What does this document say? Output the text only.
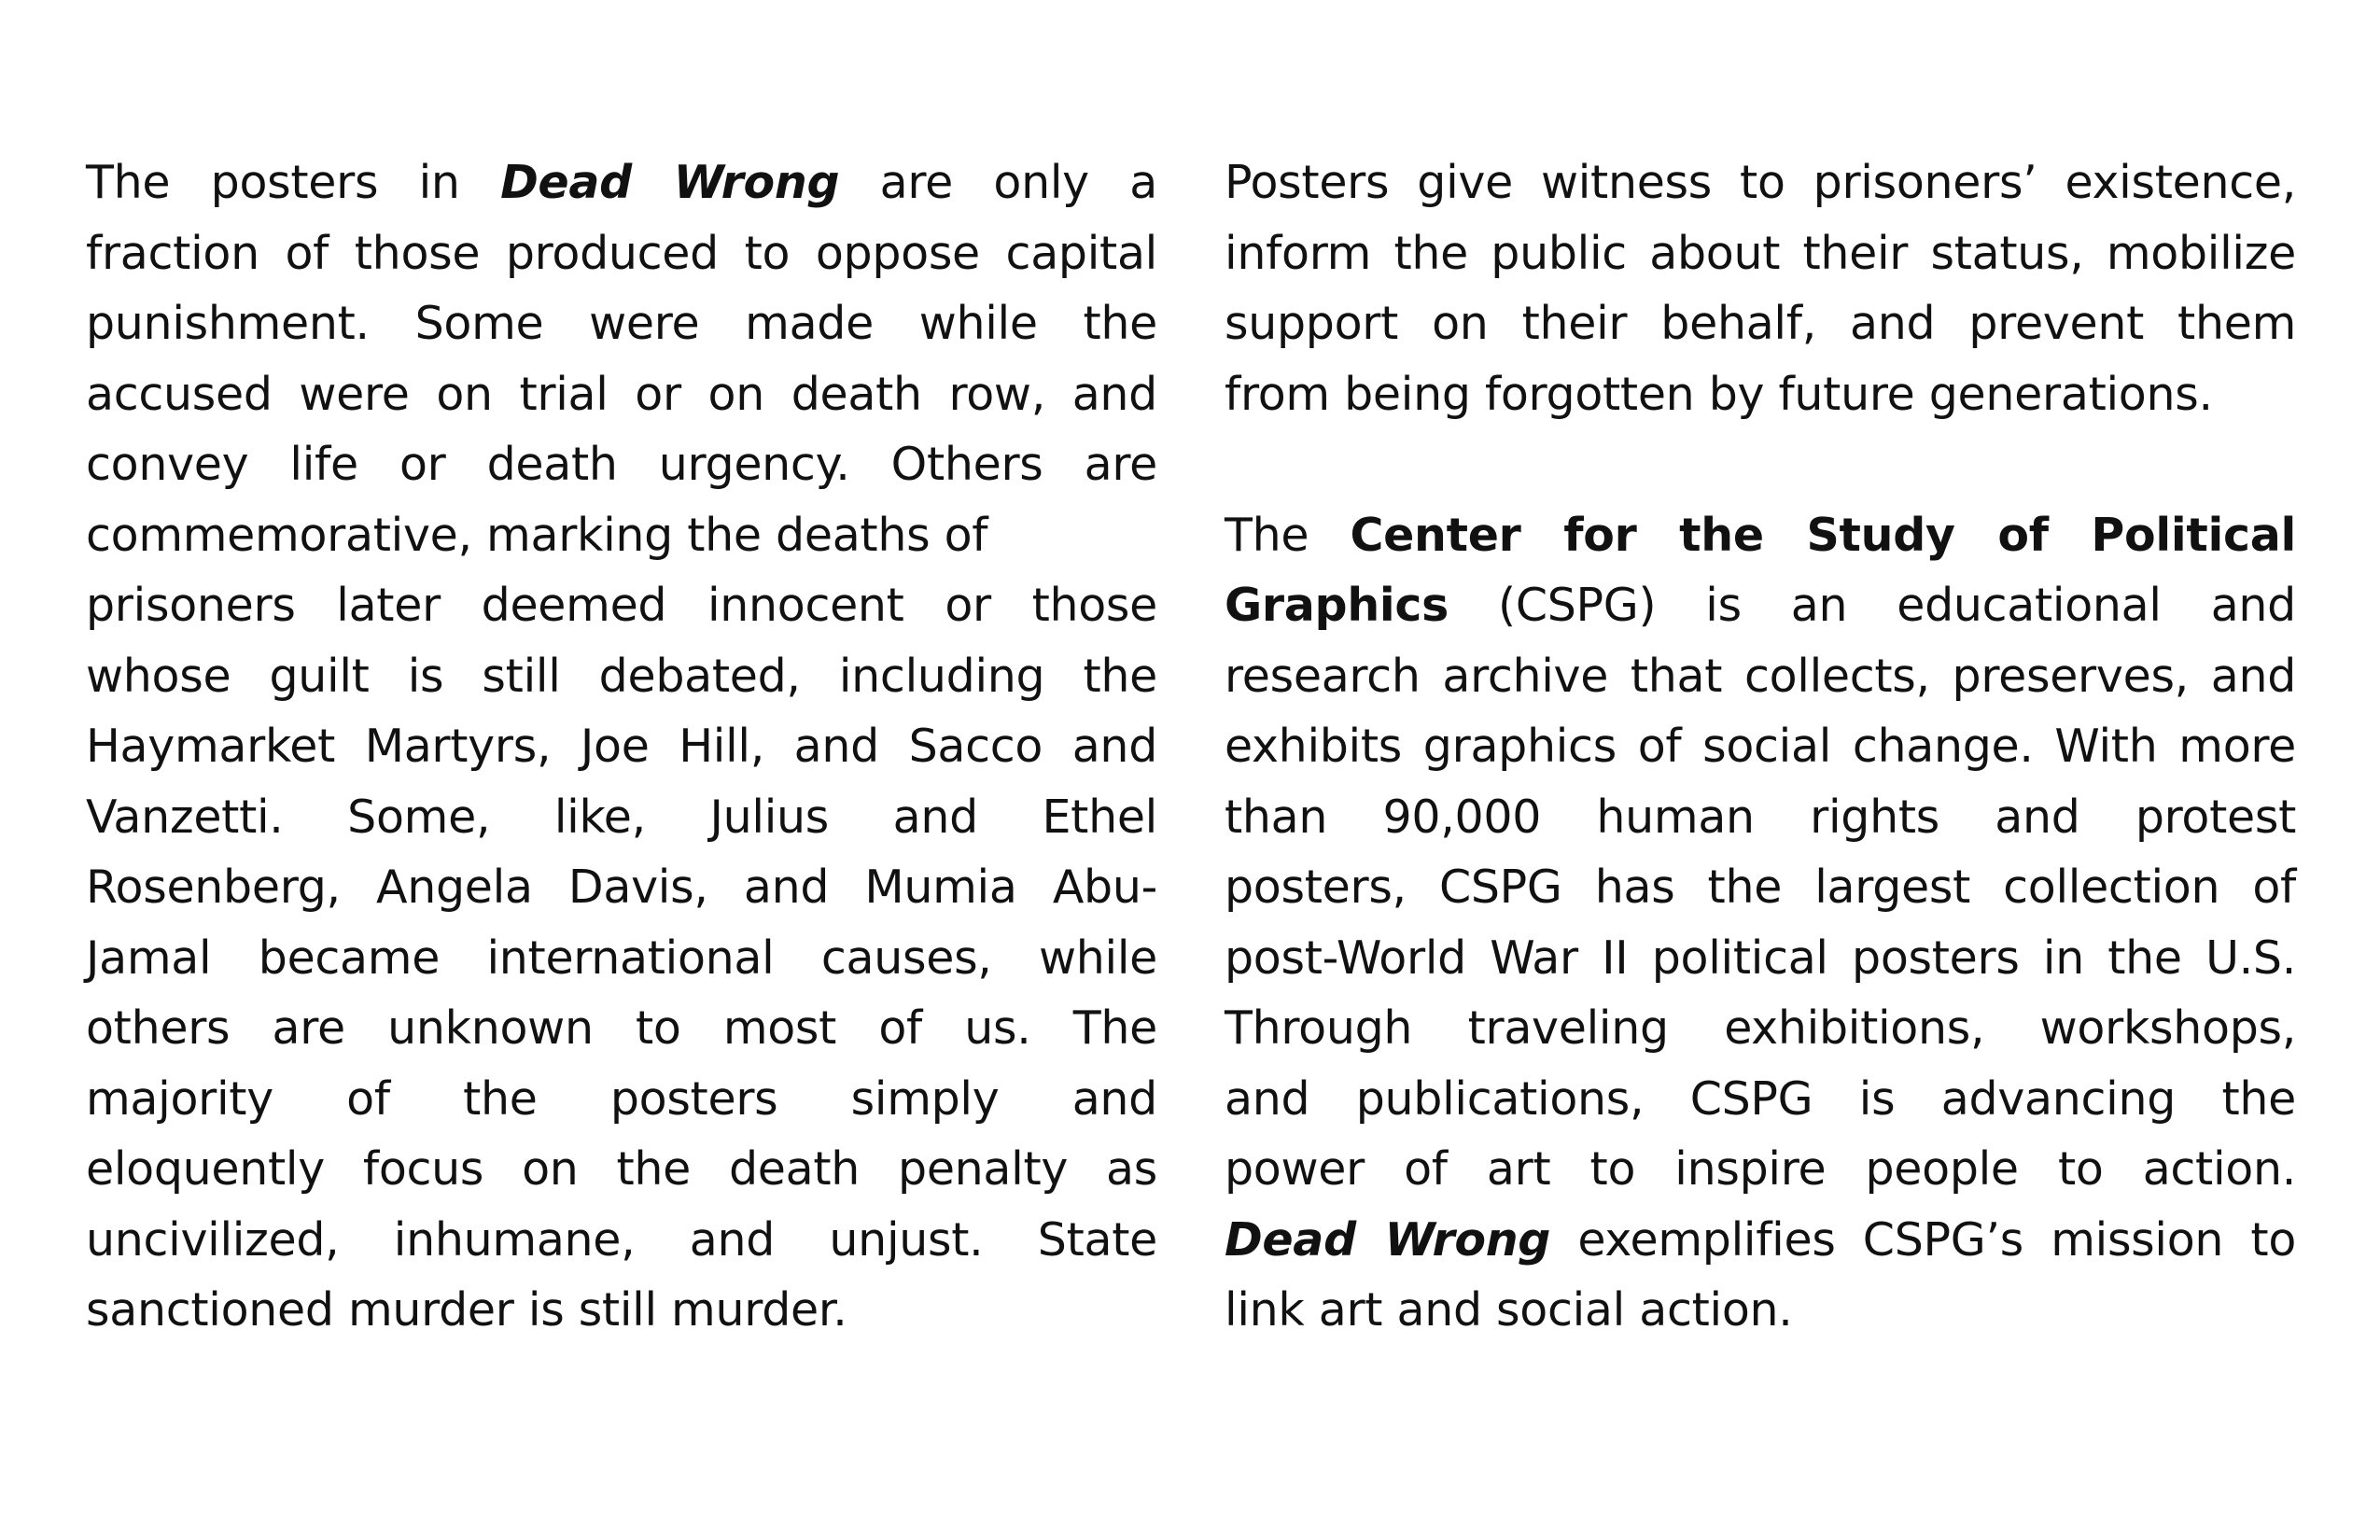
The posters in Dead Wrong are only a
fraction of those produced to oppose capital
punishment. Some were made while the
accused were on trial or on death row, and
convey life or death urgency. Others are
commemorative, marking the deaths of
prisoners later deemed innocent or those
whose guilt is still debated, including the
Haymarket Martyrs, Joe Hill, and Sacco and
Vanzetti. Some, like, Julius and Ethel
Rosenberg, Angela Davis, and Mumia Abu-
Jamal became international causes, while
others are unknown to most of us. The
majority of the posters simply and
eloquently focus on the death penalty as
uncivilized, inhumane, and unjust. State
sanctioned murder is still murder.
Posters give witness to prisoners’ existence,
inform the public about their status, mobilize
support on their behalf, and prevent them
from being forgotten by future generations.
The Center for the Study of Political
Graphics (CSPG) is an educational and
research archive that collects, preserves, and
exhibits graphics of social change. With more
than 90,000 human rights and protest
posters, CSPG has the largest collection of
post-World War II political posters in the U.S.
Through traveling exhibitions, workshops,
and publications, CSPG is advancing the
power of art to inspire people to action.
Dead Wrong exemplifies CSPG’s mission to
link art and social action.
